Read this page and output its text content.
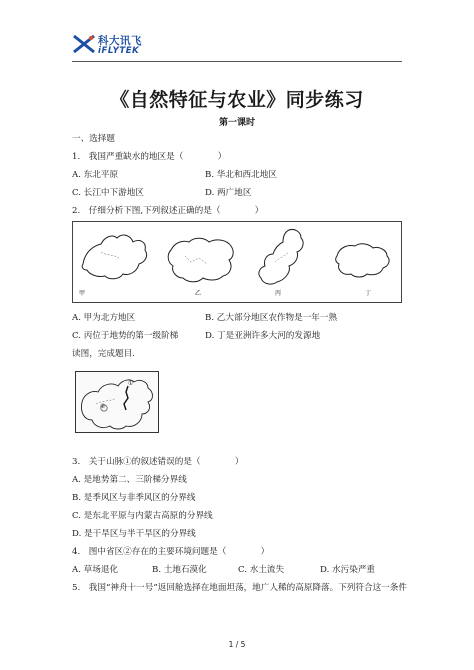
科大讯飞
iFLYTEK
《自然特征与农业》同步练习
第一课时
一、选择题
1.　我国严重缺水的地区是（　　　　）
A. 东北平原	B. 华北和西北地区
C. 长江中下游地区	D. 两广地区
2.　仔细分析下图,下列叙述正确的是（　　　　）
甲	乙	丙	丁
A. 甲为北方地区	B. 乙大部分地区农作物是一年一熟
C. 丙位于地势的第一级阶梯	D. 丁是亚洲许多大河的发源地
读图，完成题目.
①
②
3.　关于山脉①的叙述错误的是（　　　　）
A. 是地势第二、三阶梯分界线
B. 是季风区与非季风区的分界线
C. 是东北平原与内蒙古高原的分界线
D. 是干旱区与半干旱区的分界线
4.　图中省区②存在的主要环境问题是（　　　　）
A. 草场退化	B. 土地石漠化	C. 水土流失	D. 水污染严重
5.　我国“神舟十一号”返回舱选择在地面坦荡，地广人稀的高原降落。下列符合这一条件
1 / 5
